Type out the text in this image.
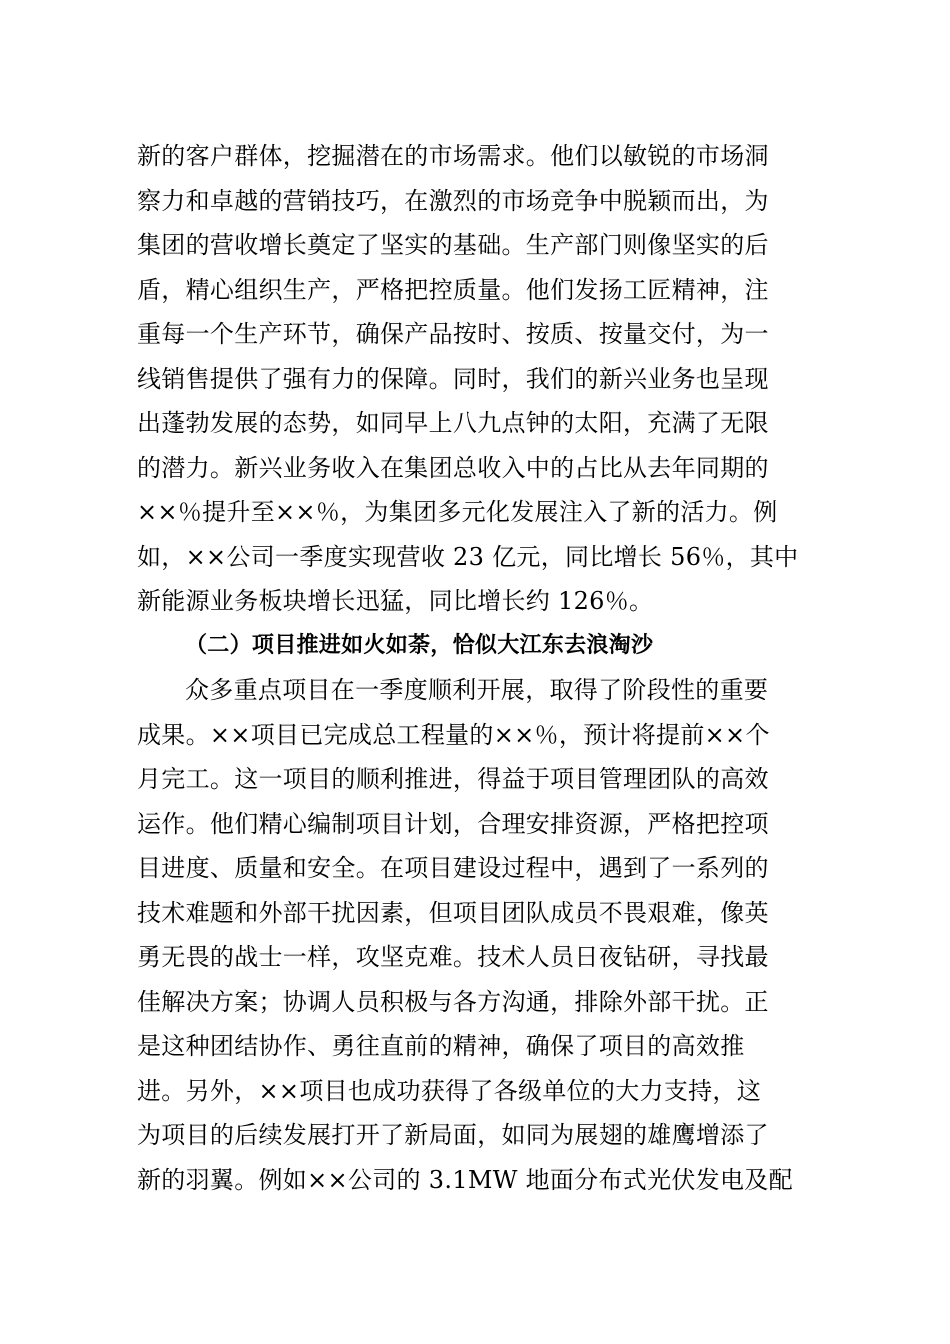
新的客户群体，挖掘潜在的市场需求。他们以敏锐的市场洞
察力和卓越的营销技巧，在激烈的市场竞争中脱颖而出，为
集团的营收增长奠定了坚实的基础。生产部门则像坚实的后
盾，精心组织生产，严格把控质量。他们发扬工匠精神，注
重每一个生产环节，确保产品按时、按质、按量交付，为一
线销售提供了强有力的保障。同时，我们的新兴业务也呈现
出蓬勃发展的态势，如同早上八九点钟的太阳，充满了无限
的潜力。新兴业务收入在集团总收入中的占比从去年同期的
××％提升至××％，为集团多元化发展注入了新的活力。例
如，××公司一季度实现营收 23 亿元，同比增长 56％，其中
新能源业务板块增长迅猛，同比增长约 126％。
（二）项目推进如火如荼，恰似大江东去浪淘沙
众多重点项目在一季度顺利开展，取得了阶段性的重要
成果。××项目已完成总工程量的××％，预计将提前××个
月完工。这一项目的顺利推进，得益于项目管理团队的高效
运作。他们精心编制项目计划，合理安排资源，严格把控项
目进度、质量和安全。在项目建设过程中，遇到了一系列的
技术难题和外部干扰因素，但项目团队成员不畏艰难，像英
勇无畏的战士一样，攻坚克难。技术人员日夜钻研，寻找最
佳解决方案；协调人员积极与各方沟通，排除外部干扰。正
是这种团结协作、勇往直前的精神，确保了项目的高效推
进。另外，××项目也成功获得了各级单位的大力支持，这
为项目的后续发展打开了新局面，如同为展翅的雄鹰增添了
新的羽翼。例如××公司的 3.1MW 地面分布式光伏发电及配
